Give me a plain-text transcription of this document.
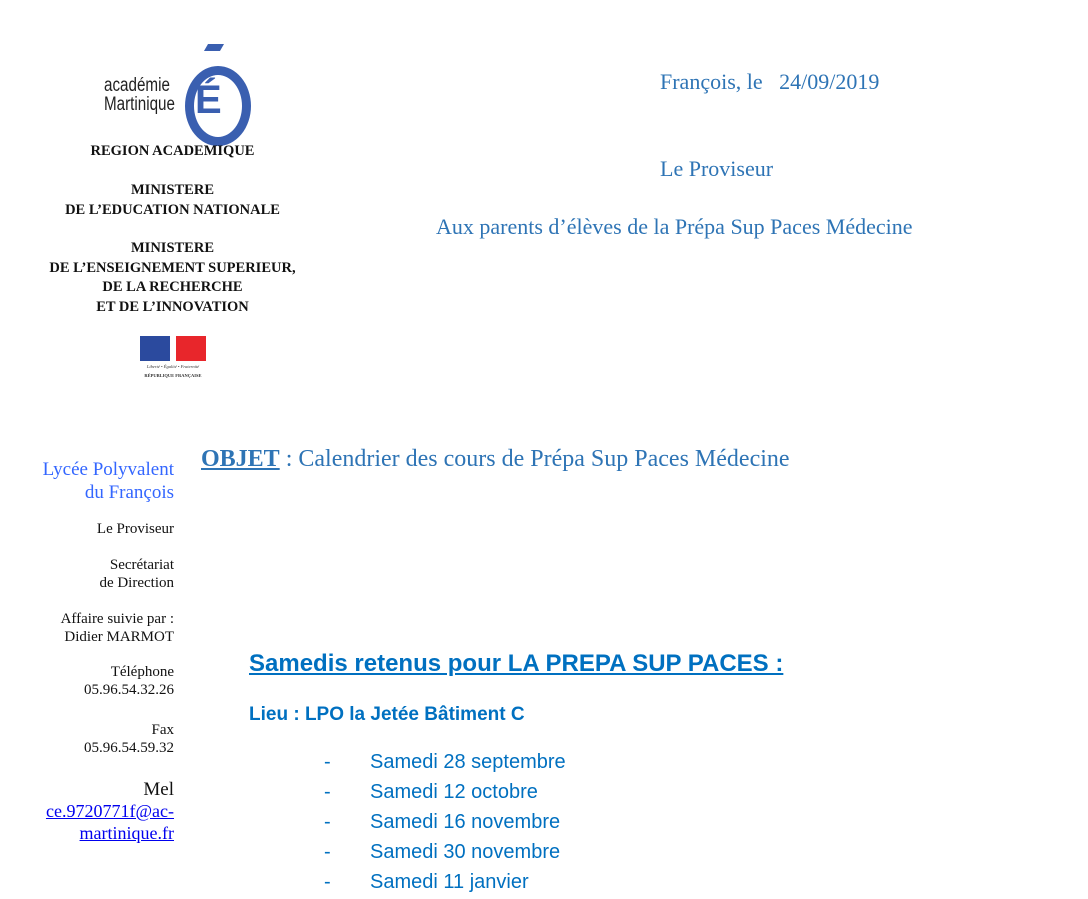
É
académie
Martinique
REGION ACADEMIQUE
MINISTERE
DE L’EDUCATION NATIONALE
MINISTERE
DE L’ENSEIGNEMENT SUPERIEUR,
DE LA RECHERCHE
ET DE L’INNOVATION
Liberté • Égalité • Fraternité
RÉPUBLIQUE FRANÇAISE
François, le   24/09/2019
Le Proviseur
Aux parents d’élèves de la Prépa Sup Paces Médecine
Lycée Polyvalent
du François
Le Proviseur
Secrétariat
de Direction
Affaire suivie par :
Didier MARMOT
Téléphone
05.96.54.32.26
Fax
05.96.54.59.32
Mel
ce.9720771f@ac-
martinique.fr
OBJET : Calendrier des cours de Prépa Sup Paces Médecine
Samedis retenus pour LA PREPA SUP PACES :
Lieu : LPO la Jetée Bâtiment C
- Samedi 28 septembre
- Samedi 12 octobre
- Samedi 16 novembre
- Samedi 30 novembre
- Samedi 11 janvier
